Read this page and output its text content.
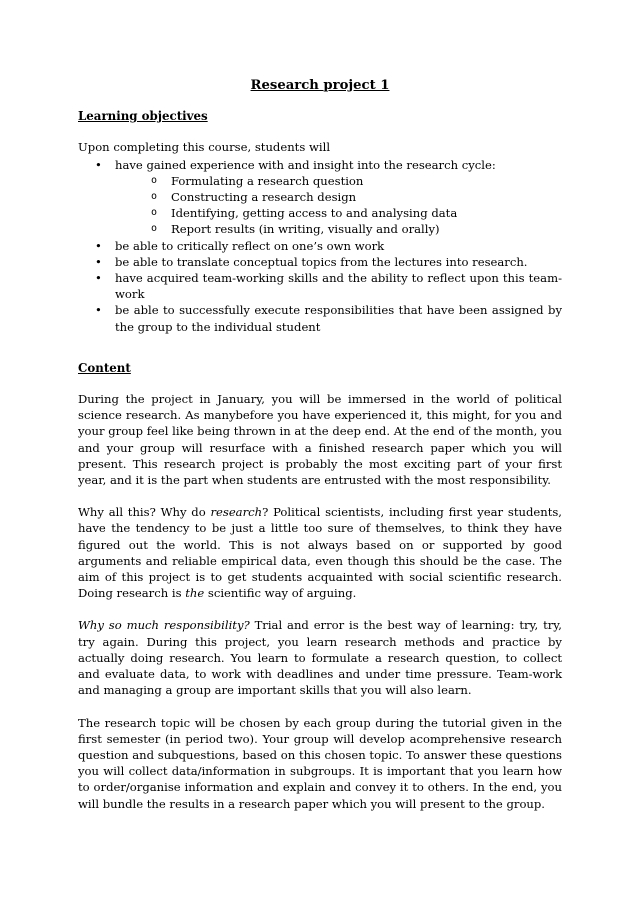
Research project 1
Learning objectives
Upon completing this course, students will
• have gained experience with and insight into the research cycle:
o Formulating a research question
o Constructing a research design
o Identifying, getting access to and analysing data
o Report results (in writing, visually and orally)
• be able to critically reflect on one’s own work
• be able to translate conceptual topics from the lectures into research.
• have acquired team-working skills and the ability to reflect upon this team-work
• be able to successfully execute responsibilities that have been assigned by the group to the individual student
Content

During the project in January, you will be immersed in the world of political science research. As manybefore you have experienced it, this might, for you and your group feel like being thrown in at the deep end. At the end of the month, you and your group will resurface with a finished research paper which you will present. This research project is probably the most exciting part of your first year, and it is the part when students are entrusted with the most responsibility.

Why all this? Why do research? Political scientists, including first year students, have the tendency to be just a little too sure of themselves, to think they have figured out the world. This is not always based on or supported by good arguments and reliable empirical data, even though this should be the case. The aim of this project is to get students acquainted with social scientific research. Doing research is the scientific way of arguing.

Why so much responsibility? Trial and error is the best way of learning: try, try, try again. During this project, you learn research methods and practice by actually doing research. You learn to formulate a research question, to collect and evaluate data, to work with deadlines and under time pressure. Team-work and managing a group are important skills that you will also learn.

The research topic will be chosen by each group during the tutorial given in the first semester (in period two). Your group will develop acomprehensive research question and subquestions, based on this chosen topic. To answer these questions you will collect data/information in subgroups. It is important that you learn how to order/organise information and explain and convey it to others. In the end, you will bundle the results in a research paper which you will present to the group.
